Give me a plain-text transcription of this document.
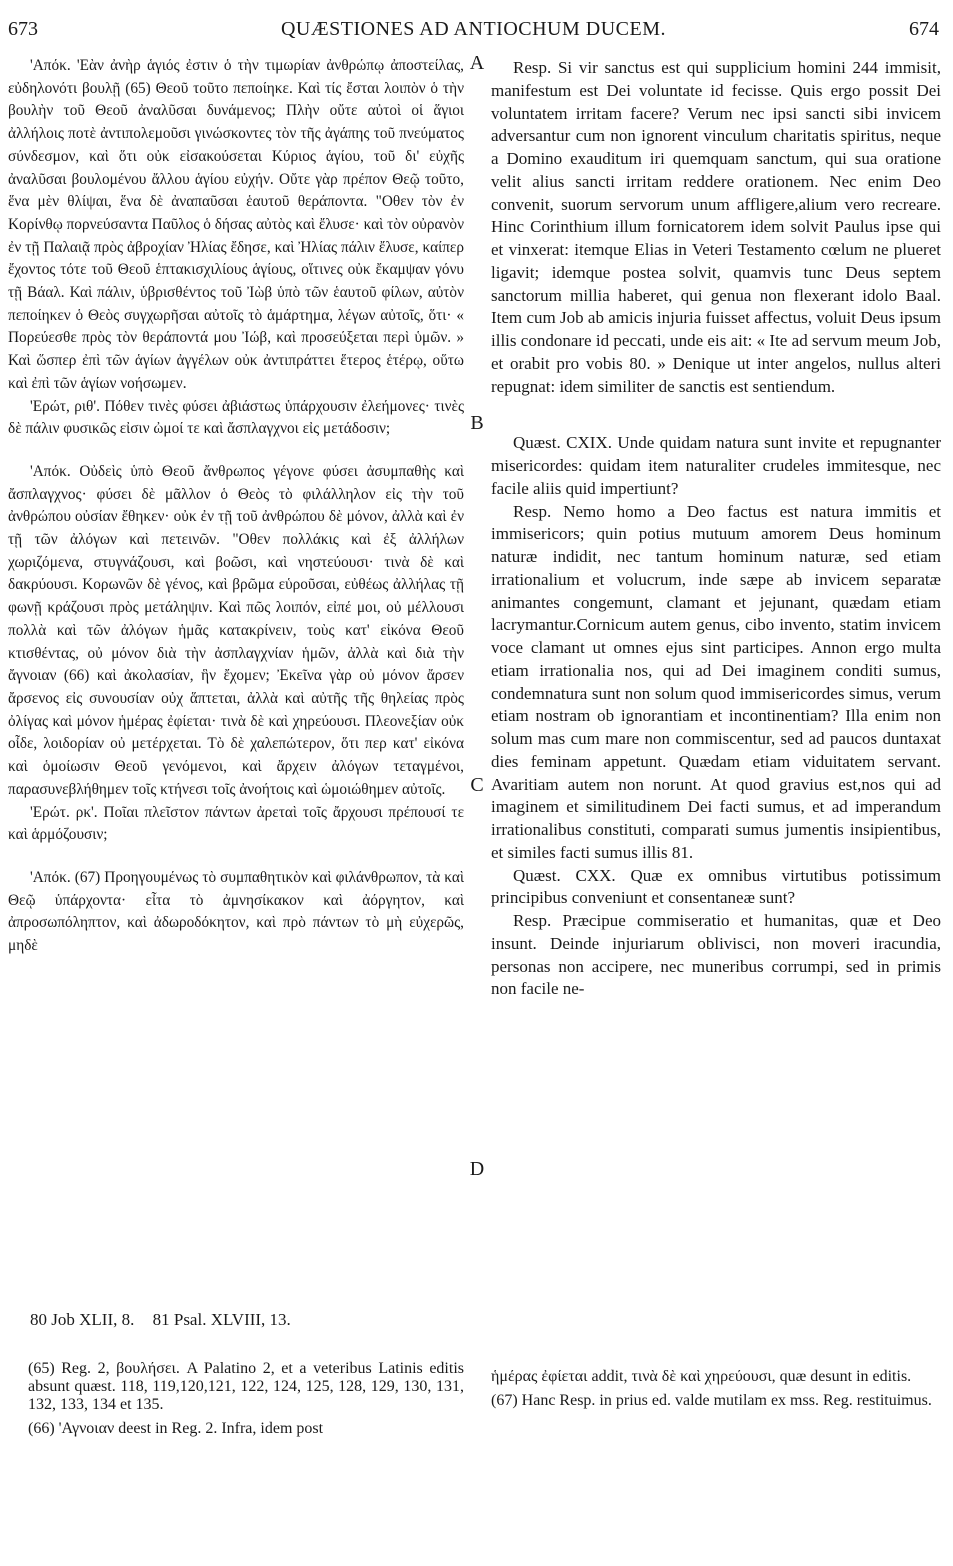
673	QUÆSTIONES AD ANTIOCHUM DUCEM.	674

'Απόκ. 'Εὰν ἀνὴρ ἁγιός ἐστιν ὁ τὴν τιμωρίαν ἀνθρώπῳ ἀποστείλας, εὐδηλονότι βουλῇ (65) Θεοῦ τοῦτο πεποίηκε. Καὶ τίς ἔσται λοιπὸν ὁ τὴν βουλὴν τοῦ Θεοῦ ἀναλῦσαι δυνάμενος; Πλὴν οὔτε αὐτοὶ οἱ ἅγιοι ἀλλήλοις ποτὲ ἀντιπολεμοῦσι γινώσκοντες τὸν τῆς ἀγάπης τοῦ πνεύματος σύνδεσμον, καὶ ὅτι οὐκ εἰσακούσεται Κύριος ἁγίου, τοῦ δι' εὐχῆς ἀναλῦσαι βουλομένου ἄλλου ἁγίου εὐχήν. Οὔτε γὰρ πρέπον Θεῷ τοῦτο, ἕνα μὲν θλίψαι, ἕνα δὲ ἀναπαῦσαι ἑαυτοῦ θεράποντα. "Οθεν τὸν ἐν Κορίνθῳ πορνεύσαντα Παῦλος ὁ δήσας αὐτὸς καὶ ἔλυσε· καὶ τὸν οὐρανὸν ἐν τῇ Παλαιᾷ πρὸς ἀβροχίαν Ἠλίας ἔδησε, καὶ Ἠλίας πάλιν ἔλυσε, καίπερ ἔχοντος τότε τοῦ Θεοῦ ἑπτακισχιλίους ἁγίους, οἵτινες οὐκ ἔκαμψαν γόνυ τῇ Βάαλ. Καὶ πάλιν, ὑβρισθέντος τοῦ Ἰὼβ ὑπὸ τῶν ἑαυτοῦ φίλων, αὐτὸν πεποίηκεν ὁ Θεὸς συγχωρῆσαι αὐτοῖς τὸ ἁμάρτημα, λέγων αὐτοῖς, ὅτι· « Πορεύεσθε πρὸς τὸν θεράποντά μου Ἰώβ, καὶ προσεύξεται περὶ ὑμῶν. » Καὶ ὥσπερ ἐπὶ τῶν ἁγίων ἀγγέλων οὐκ ἀντιπράττει ἕτερος ἑτέρῳ, οὕτω καὶ ἐπὶ τῶν ἁγίων νοήσωμεν.

'Ερώτ, ριθ'. Πόθεν τινὲς φύσει ἀβιάστως ὑπάρχουσιν ἐλεήμονες· τινὲς δὲ πάλιν φυσικῶς εἰσιν ὠμοί τε καὶ ἄσπλαγχνοι εἰς μετάδοσιν;

'Απόκ. Οὐδεὶς ὑπὸ Θεοῦ ἄνθρωπος γέγονε φύσει ἀσυμπαθὴς καὶ ἄσπλαγχνος· φύσει δὲ μᾶλλον ὁ Θεὸς τὸ φιλάλληλον εἰς τὴν τοῦ ἀνθρώπου οὐσίαν ἔθηκεν· οὐκ ἐν τῇ τοῦ ἀνθρώπου δὲ μόνον, ἀλλὰ καὶ ἐν τῇ τῶν ἀλόγων καὶ πετεινῶν. "Οθεν πολλάκις καὶ ἐξ ἀλλήλων χωριζόμενα, στυγνάζουσι, καὶ βοῶσι, καὶ νηστεύουσι· τινὰ δὲ καὶ δακρύουσι. Κορωνῶν δὲ γένος, καὶ βρῶμα εὑροῦσαι, εὐθέως ἀλλήλας τῇ φωνῇ κράζουσι πρὸς μετάληψιν. Καὶ πῶς λοιπόν, εἰπέ μοι, οὐ μέλλουσι πολλὰ καὶ τῶν ἀλόγων ἡμᾶς κατακρίνειν, τοὺς κατ' εἰκόνα Θεοῦ κτισθέντας, οὐ μόνον διὰ τὴν ἀσπλαγχνίαν ἡμῶν, ἀλλὰ καὶ διὰ τὴν ἄγνοιαν (66) καὶ ἀκολασίαν, ἣν ἔχομεν; Ἐκεῖνα γὰρ οὐ μόνον ἄρσεν ἄρσενος εἰς συνουσίαν οὐχ ἅπτεται, ἀλλὰ καὶ αὐτῆς τῆς θηλείας πρὸς ὀλίγας καὶ μόνον ἡμέρας ἐφίεται· τινὰ δὲ καὶ χηρεύουσι. Πλεονεξίαν οὐκ οἶδε, λοιδορίαν οὐ μετέρχεται. Τὸ δὲ χαλεπώτερον, ὅτι περ κατ' εἰκόνα καὶ ὁμοίωσιν Θεοῦ γενόμενοι, καὶ ἄρχειν ἀλόγων τεταγμένοι, παρασυνεβλήθημεν τοῖς κτήνεσι τοῖς ἀνοήτοις καὶ ὡμοιώθημεν αὐτοῖς.

'Ερώτ. ρκ'. Ποῖαι πλεῖστον πάντων ἀρεταὶ τοῖς ἄρχουσι πρέπουσί τε καὶ ἁρμόζουσιν;

'Απόκ. (67) Προηγουμένως τὸ συμπαθητικὸν καὶ φιλάνθρωπον, τὰ καὶ Θεῷ ὑπάρχοντα· εἶτα τὸ ἀμνησίκακον καὶ ἀόργητον, καὶ ἀπροσωπόληπτον, καὶ ἀδωροδόκητον, καὶ πρὸ πάντων τὸ μὴ εὐχερῶς, μηδὲ

A
B
C
D

Resp. Si vir sanctus est qui supplicium homini 244 immisit, manifestum est Dei voluntate id fecisse. Quis ergo possit Dei voluntatem irritam facere? Verum nec ipsi sancti sibi invicem adversantur cum non ignorent vinculum charitatis spiritus, neque a Domino exauditum iri quemquam sanctum, qui sua oratione velit alius sancti irritam reddere orationem. Nec enim Deo convenit, suorum servorum unum affligere,alium vero recreare. Hinc Corinthium illum fornicatorem idem solvit Paulus ipse qui et vinxerat: itemque Elias in Veteri Testamento cœlum ne plueret ligavit; idemque postea solvit, quamvis tunc Deus septem sanctorum millia haberet, qui genua non flexerant idolo Baal. Item cum Job ab amicis injuria fuisset affectus, voluit Deus ipsum illis condonare id peccati, unde eis ait: « Ite ad servum meum Job, et orabit pro vobis 80. » Denique ut inter angelos, nullus alteri repugnat: idem similiter de sanctis est sentiendum.

Quæst. CXIX. Unde quidam natura sunt invite et repugnanter misericordes: quidam item naturaliter crudeles immitesque, nec facile aliis quid impertiunt?

Resp. Nemo homo a Deo factus est natura immitis et immisericors; quin potius mutuum amorem Deus hominum naturæ indidit, nec tantum hominum naturæ, sed etiam irrationalium et volucrum, inde sæpe ab invicem separatæ animantes congemunt, clamant et jejunant, quædam etiam lacrymantur.Cornicum autem genus, cibo invento, statim invicem voce clamant ut omnes ejus sint participes. Annon ergo multa etiam irrationalia nos, qui ad Dei imaginem conditi sumus, condemnatura sunt non solum quod immisericordes simus, verum etiam nostram ob ignorantiam et incontinentiam? Illa enim non solum mas cum mare non commiscentur, sed ad paucos duntaxat dies feminam appetunt. Quædam etiam viduitatem servant. Avaritiam autem non norunt. At quod gravius est,nos qui ad imaginem et similitudinem Dei facti sumus, et ad imperandum irrationalibus constituti, comparati sumus jumentis insipientibus, et similes facti sumus illis 81.

Quæst. CXX. Quæ ex omnibus virtutibus potissimum principibus conveniunt et consentaneæ sunt?

Resp. Præcipue commiseratio et humanitas, quæ et Deo insunt. Deinde injuriarum oblivisci, non moveri iracundia, personas non accipere, nec muneribus corrumpi, sed in primis non facile ne-

80 Job XLII, 8. 81 Psal. XLVIII, 13.

(65) Reg. 2, βουλήσει. A Palatino 2, et a veteribus Latinis editis absunt quæst. 118, 119,120,121, 122, 124, 125, 128, 129, 130, 131, 132, 133, 134 et 135.

(66) 'Αγνοιαν deest in Reg. 2. Infra, idem post

ἡμέρας ἐφίεται addit, τινὰ δὲ καὶ χηρεύουσι, quæ desunt in editis.

(67) Hanc Resp. in prius ed. valde mutilam ex mss. Reg. restituimus.
